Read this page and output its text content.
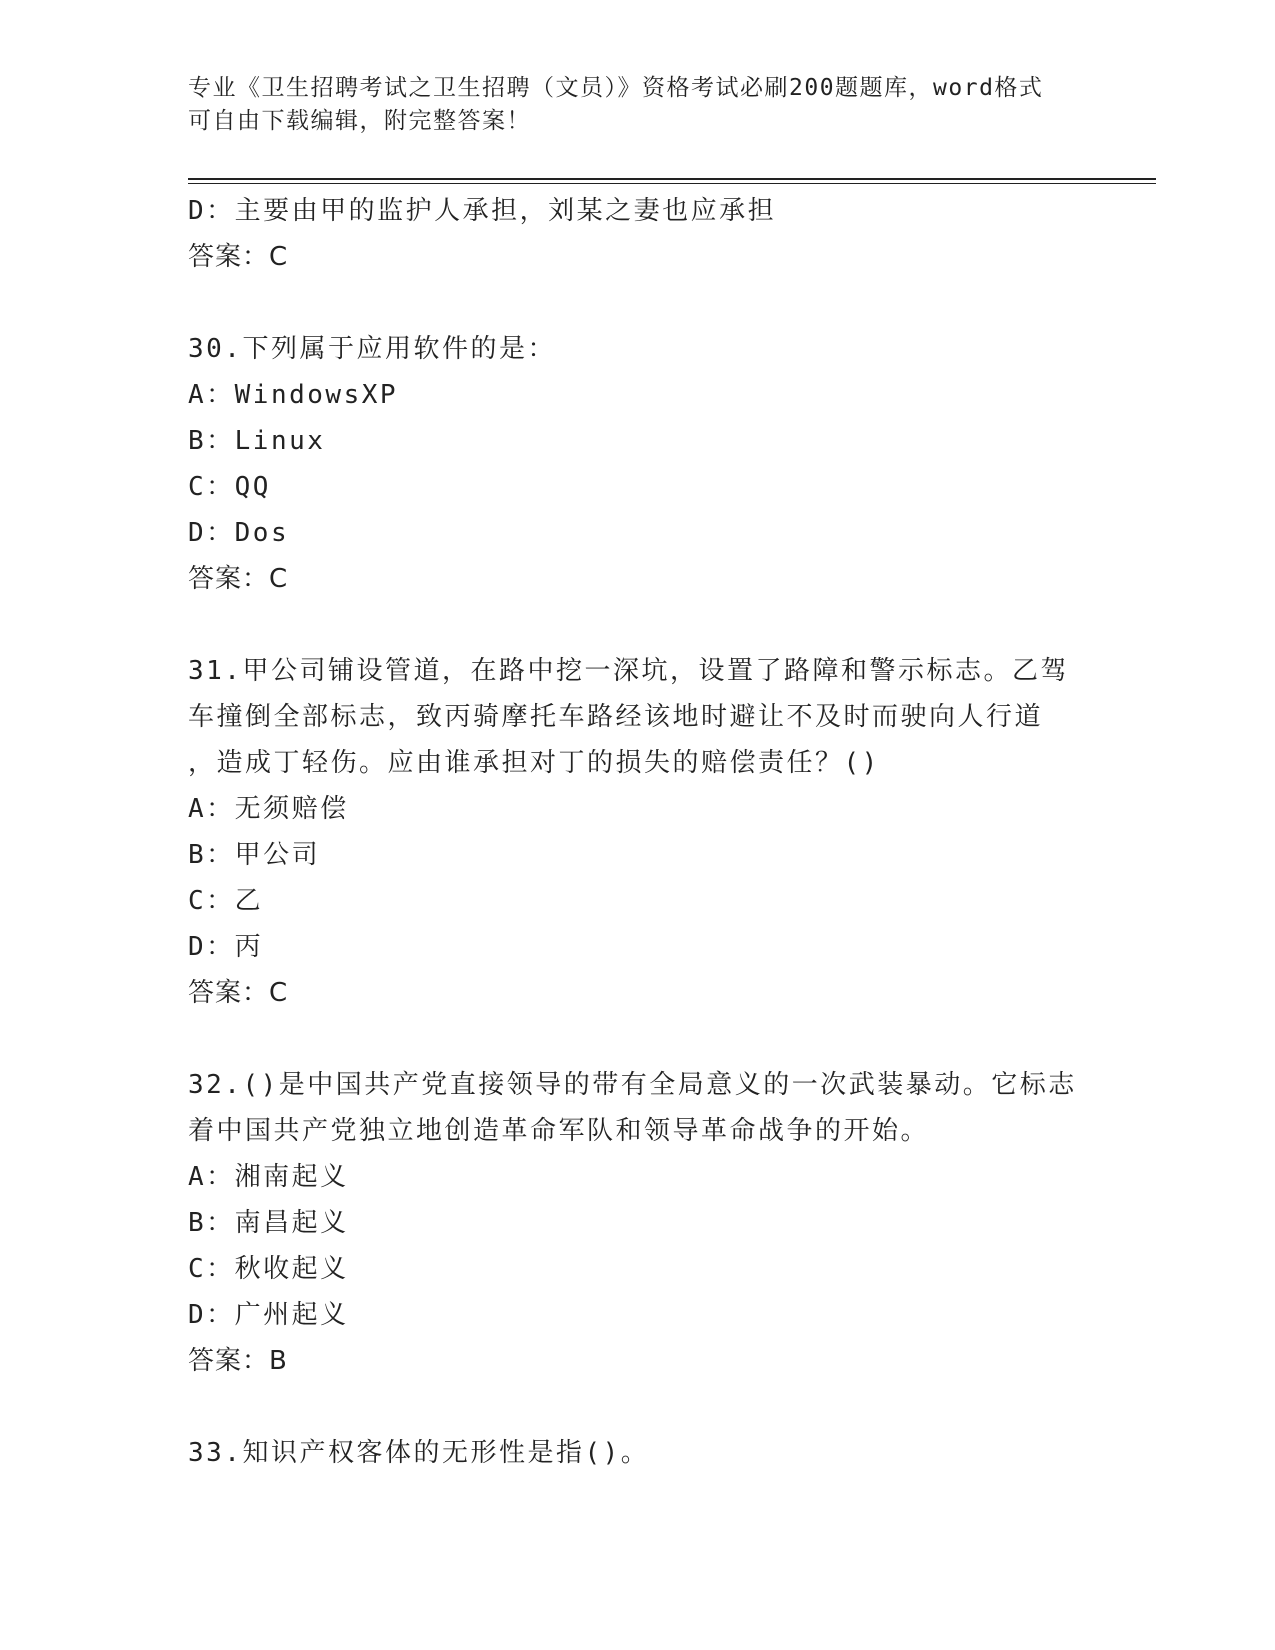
专业《卫生招聘考试之卫生招聘（文员）》资格考试必刷200题题库，word格式
可自由下载编辑，附完整答案！
D：主要由甲的监护人承担，刘某之妻也应承担
答案：C
30.下列属于应用软件的是：
A：WindowsXP
B：Linux
C：QQ
D：Dos
答案：C
31.甲公司铺设管道，在路中挖一深坑，设置了路障和警示标志。乙驾
车撞倒全部标志，致丙骑摩托车路经该地时避让不及时而驶向人行道
，造成丁轻伤。应由谁承担对丁的损失的赔偿责任？()
A：无须赔偿
B：甲公司
C：乙
D：丙
答案：C
32.()是中国共产党直接领导的带有全局意义的一次武装暴动。它标志
着中国共产党独立地创造革命军队和领导革命战争的开始。
A：湘南起义
B：南昌起义
C：秋收起义
D：广州起义
答案：B
33.知识产权客体的无形性是指()。
